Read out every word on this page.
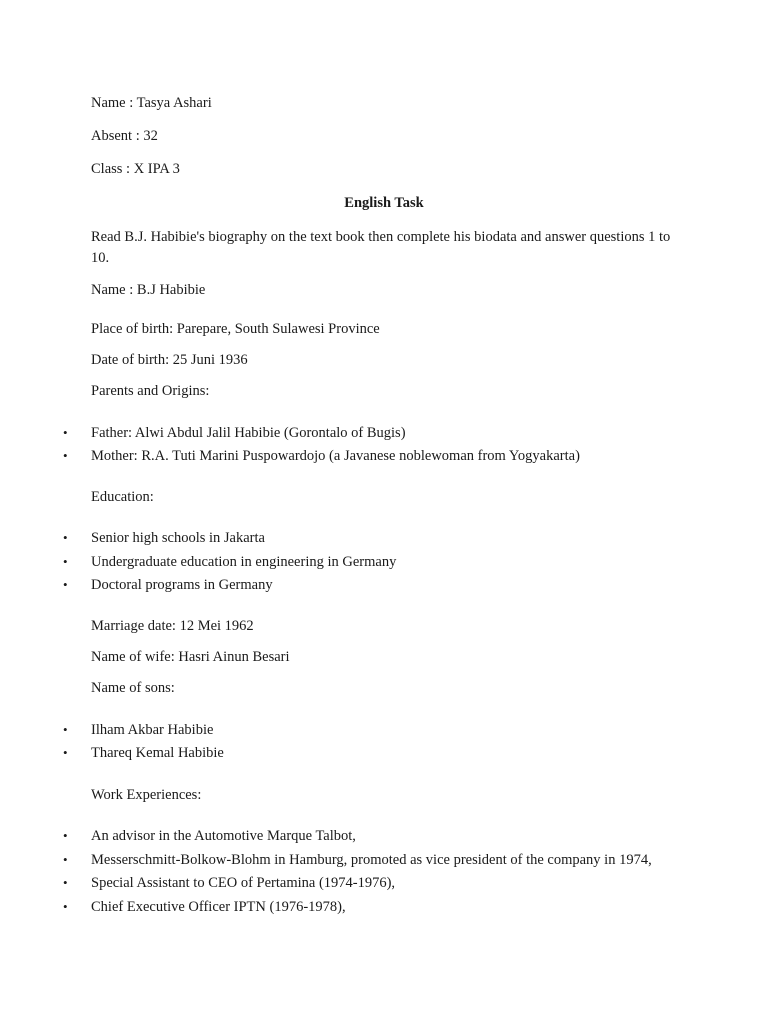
Name : Tasya Ashari
Absent : 32
Class : X IPA 3
English Task
Read B.J. Habibie's biography on the text book then complete his biodata and answer questions 1 to 10.
Name : B.J Habibie
Place of birth: Parepare, South Sulawesi Province
Date of birth: 25 Juni 1936
Parents and Origins:
• Father: Alwi Abdul Jalil Habibie (Gorontalo of Bugis)
• Mother: R.A. Tuti Marini Puspowardojo (a Javanese noblewoman from Yogyakarta)
Education:
• Senior high schools in Jakarta
• Undergraduate education in engineering in Germany
• Doctoral programs in Germany
Marriage date: 12 Mei 1962
Name of wife: Hasri Ainun Besari
Name of sons:
• Ilham Akbar Habibie
• Thareq Kemal Habibie
Work Experiences:
• An advisor in the Automotive Marque Talbot,
• Messerschmitt-Bolkow-Blohm in Hamburg, promoted as vice president of the company in 1974,
• Special Assistant to CEO of Pertamina (1974-1976),
• Chief Executive Officer IPTN (1976-1978),
